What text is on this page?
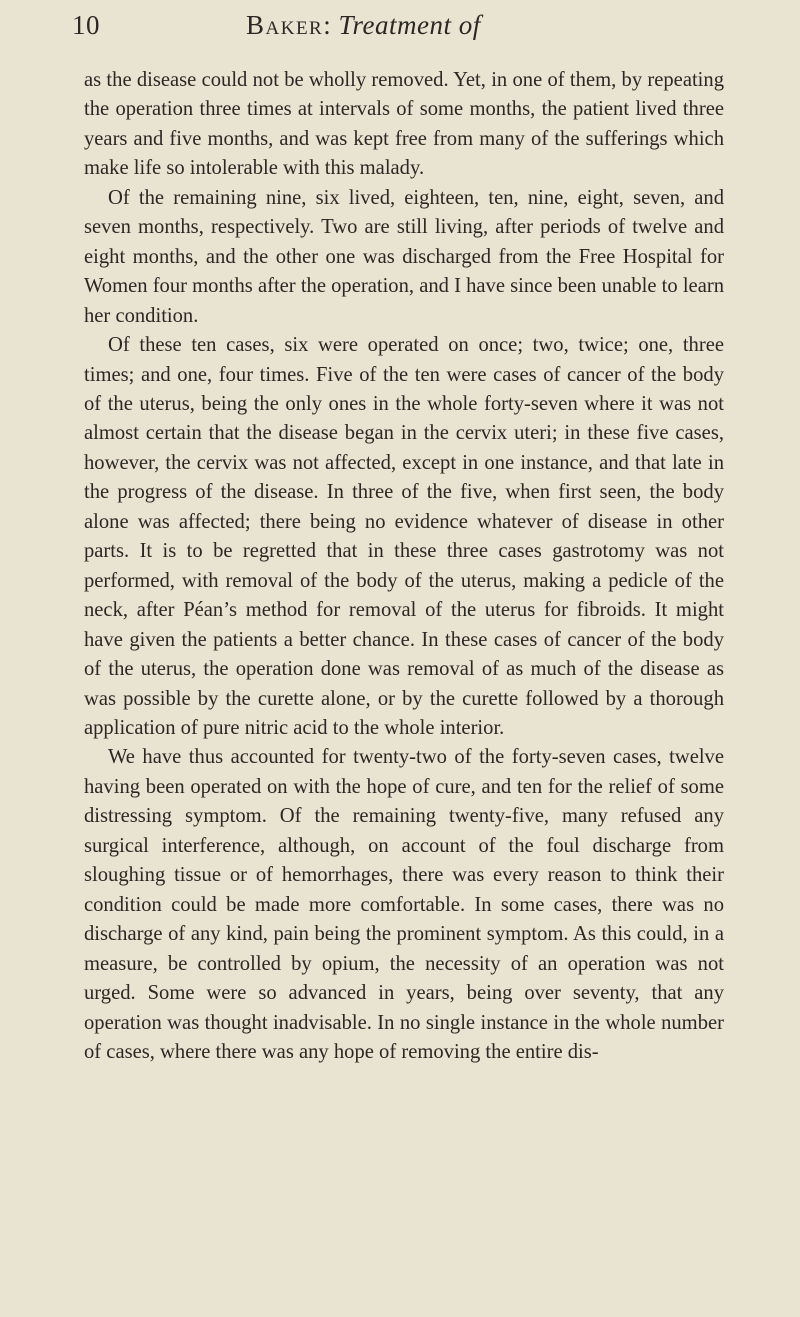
10	Baker: Treatment of

as the disease could not be wholly removed. Yet, in one of them, by repeating the operation three times at intervals of some months, the patient lived three years and five months, and was kept free from many of the sufferings which make life so intolerable with this malady.

Of the remaining nine, six lived, eighteen, ten, nine, eight, seven, and seven months, respectively. Two are still living, after periods of twelve and eight months, and the other one was discharged from the Free Hospital for Women four months after the operation, and I have since been unable to learn her condition.

Of these ten cases, six were operated on once; two, twice; one, three times; and one, four times. Five of the ten were cases of cancer of the body of the uterus, being the only ones in the whole forty-seven where it was not almost certain that the disease began in the cervix uteri; in these five cases, however, the cervix was not affected, except in one instance, and that late in the progress of the disease. In three of the five, when first seen, the body alone was affected; there being no evidence whatever of disease in other parts. It is to be regretted that in these three cases gastrotomy was not performed, with removal of the body of the uterus, making a pedicle of the neck, after Péan’s method for removal of the uterus for fibroids. It might have given the patients a better chance. In these cases of cancer of the body of the uterus, the operation done was removal of as much of the disease as was possible by the curette alone, or by the curette followed by a thorough application of pure nitric acid to the whole interior.

We have thus accounted for twenty-two of the forty-seven cases, twelve having been operated on with the hope of cure, and ten for the relief of some distressing symptom. Of the remaining twenty-five, many refused any surgical interference, although, on account of the foul discharge from sloughing tissue or of hemorrhages, there was every reason to think their condition could be made more comfortable. In some cases, there was no discharge of any kind, pain being the prominent symptom. As this could, in a measure, be controlled by opium, the necessity of an operation was not urged. Some were so advanced in years, being over seventy, that any operation was thought inadvisable. In no single instance in the whole number of cases, where there was any hope of removing the entire dis-
